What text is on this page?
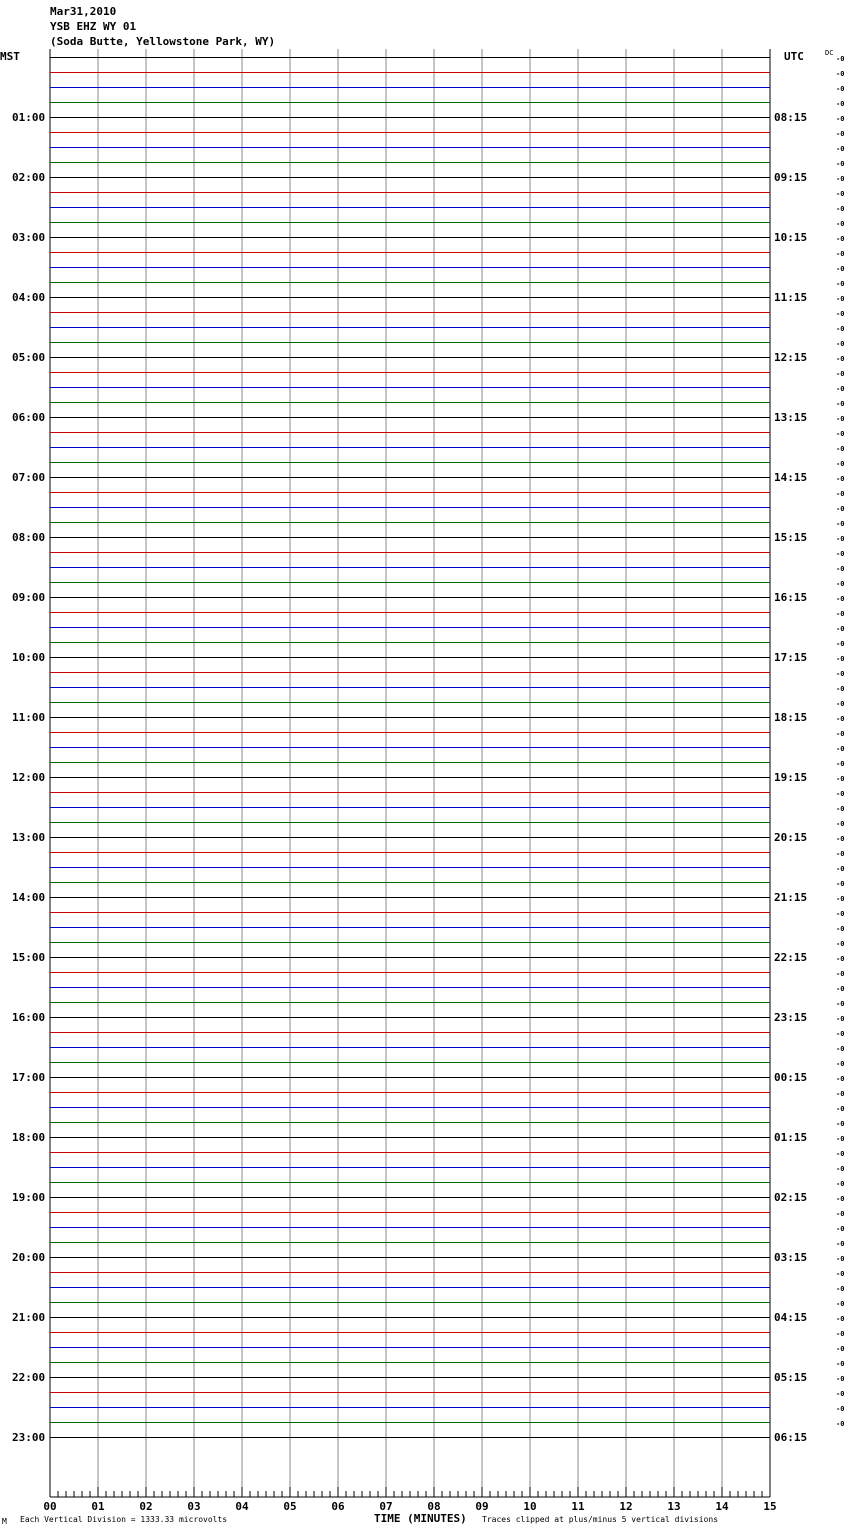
Mar31,2010
YSB EHZ WY 01
(Soda Butte, Yellowstone Park, WY)
MST	UTC	DC
01:00
02:00
03:00
04:00
05:00
06:00
07:00
08:00
09:00
10:00
11:00
12:00
13:00
14:00
15:00
16:00
17:00
18:00
19:00
20:00
21:00
22:00
23:00
08:15
09:15
10:15
11:15
12:15
13:15
14:15
15:15
16:15
17:15
18:15
19:15
20:15
21:15
22:15
23:15
00:15
01:15
02:15
03:15
04:15
05:15
06:15
-0
-0
-0
-0
-0
-0
-0
-0
-0
-0
-0
-0
-0
-0
-0
-0
-0
-0
-0
-0
-0
-0
-0
-0
-0
-0
-0
-0
-0
-0
-0
-0
-0
-0
-0
-0
-0
-0
-0
-0
-0
-0
-0
-0
-0
-0
-0
-0
-0
-0
-0
-0
-0
-0
-0
-0
-0
-0
-0
-0
-0
-0
-0
-0
-0
-0
-0
-0
-0
-0
-0
-0
-0
-0
-0
-0
-0
-0
-0
-0
-0
-0
-0
-0
-0
-0
-0
-0
-0
-0
-0
-0
00	01	02	03	04	05	06	07	08	09	10	11	12	13	14	15
M Each Vertical Division = 1333.33 microvolts	TIME (MINUTES) Traces clipped at plus/minus 5 vertical divisions
